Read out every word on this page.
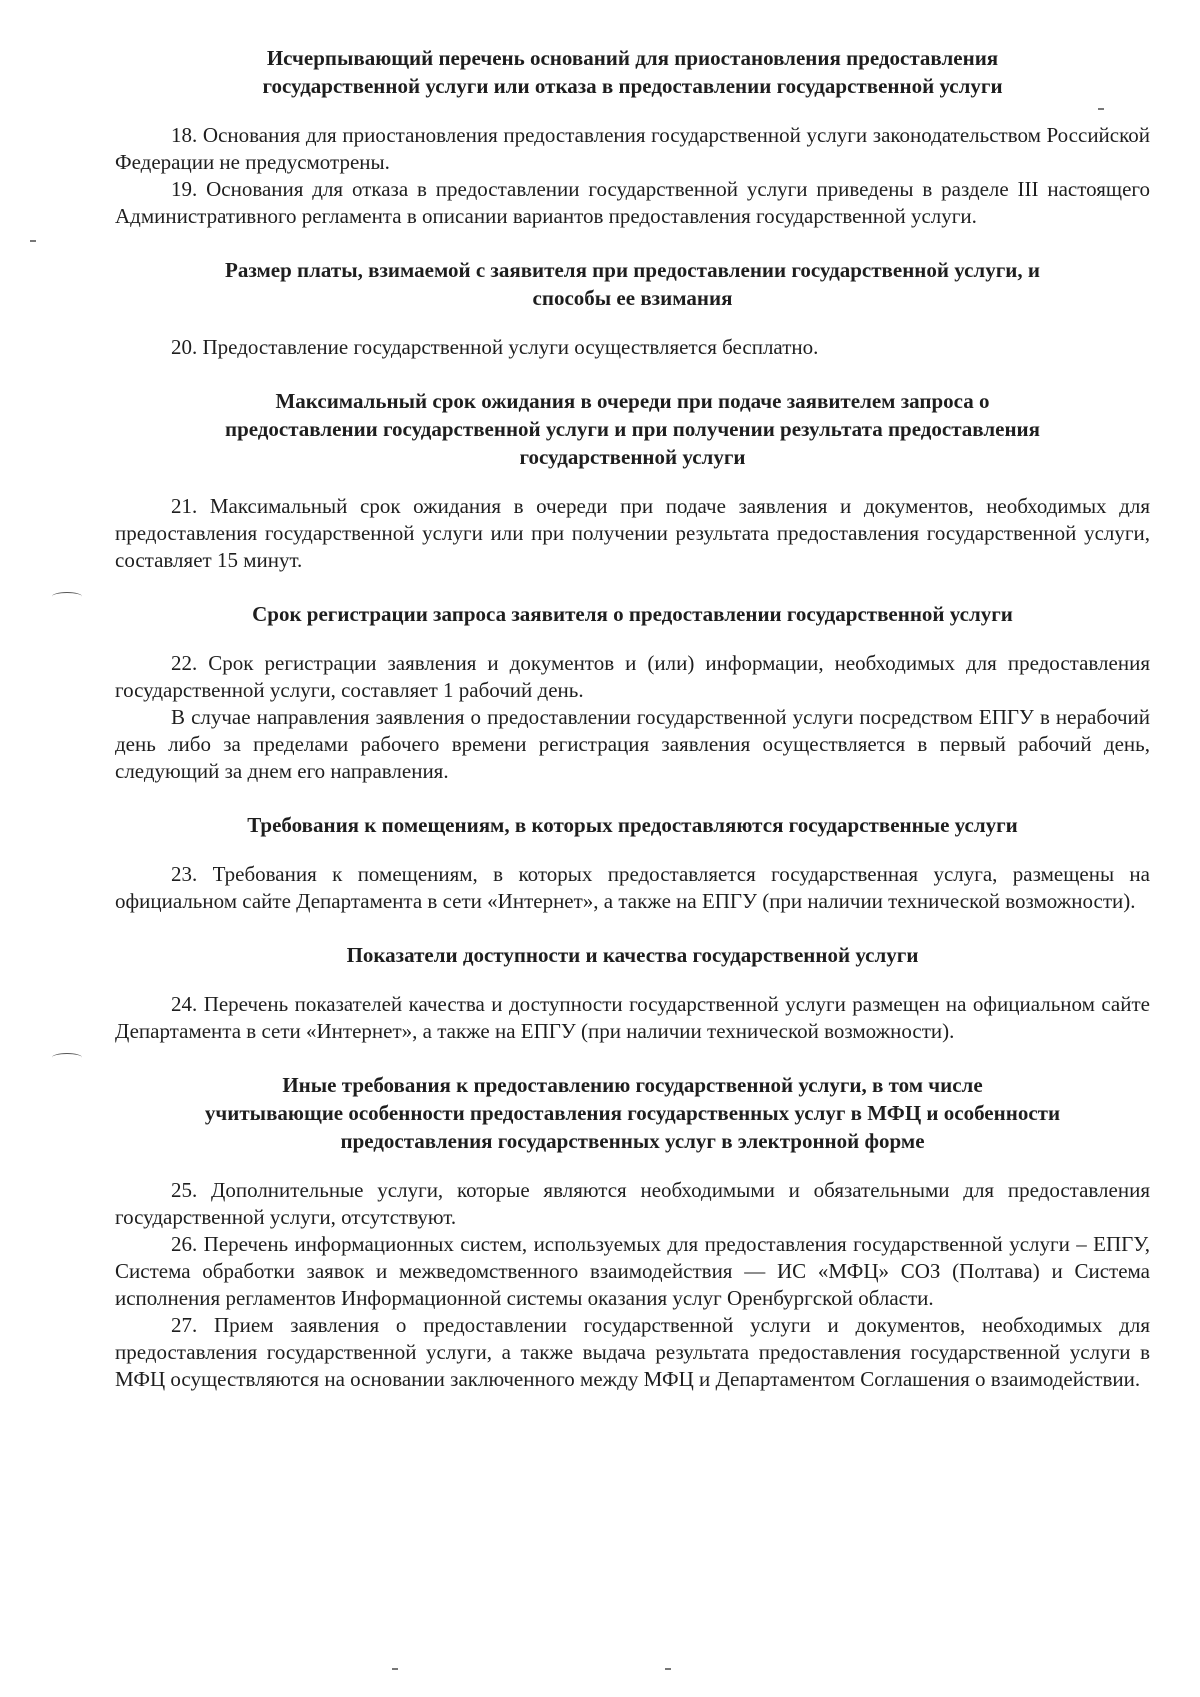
Исчерпывающий перечень оснований для приостановления предоставления
государственной услуги или отказа в предоставлении государственной услуги

18. Основания для приостановления предоставления государственной услуги законодательством Российской Федерации не предусмотрены.

19. Основания для отказа в предоставлении государственной услуги приведены в разделе III настоящего Административного регламента в описании вариантов предоставления государственной услуги.

Размер платы, взимаемой с заявителя при предоставлении государственной услуги, и
способы ее взимания

20. Предоставление государственной услуги осуществляется бесплатно.

Максимальный срок ожидания в очереди при подаче заявителем запроса о
предоставлении государственной услуги и при получении результата предоставления
государственной услуги

21. Максимальный срок ожидания в очереди при подаче заявления и документов, необходимых для предоставления государственной услуги или при получении результата предоставления государственной услуги, составляет 15 минут.

Срок регистрации запроса заявителя о предоставлении государственной услуги

22. Срок регистрации заявления и документов и (или) информации, необходимых для предоставления государственной услуги, составляет 1 рабочий день.

В случае направления заявления о предоставлении государственной услуги посредством ЕПГУ в нерабочий день либо за пределами рабочего времени регистрация заявления осуществляется в первый рабочий день, следующий за днем его направления.

Требования к помещениям, в которых предоставляются государственные услуги

23. Требования к помещениям, в которых предоставляется государственная услуга, размещены на официальном сайте Департамента в сети «Интернет», а также на ЕПГУ (при наличии технической возможности).

Показатели доступности и качества государственной услуги

24. Перечень показателей качества и доступности государственной услуги размещен на официальном сайте Департамента в сети «Интернет», а также на ЕПГУ (при наличии технической возможности).

Иные требования к предоставлению государственной услуги, в том числе
учитывающие особенности предоставления государственных услуг в МФЦ и особенности
предоставления государственных услуг в электронной форме

25. Дополнительные услуги, которые являются необходимыми и обязательными для предоставления государственной услуги, отсутствуют.

26. Перечень информационных систем, используемых для предоставления государственной услуги – ЕПГУ, Система обработки заявок и межведомственного взаимодействия — ИС «МФЦ» СОЗ (Полтава) и Система исполнения регламентов Информационной системы оказания услуг Оренбургской области.

27. Прием заявления о предоставлении государственной услуги и документов, необходимых для предоставления государственной услуги, а также выдача результата предоставления государственной услуги в МФЦ осуществляются на основании заключенного между МФЦ и Департаментом Соглашения о взаимодействии.
